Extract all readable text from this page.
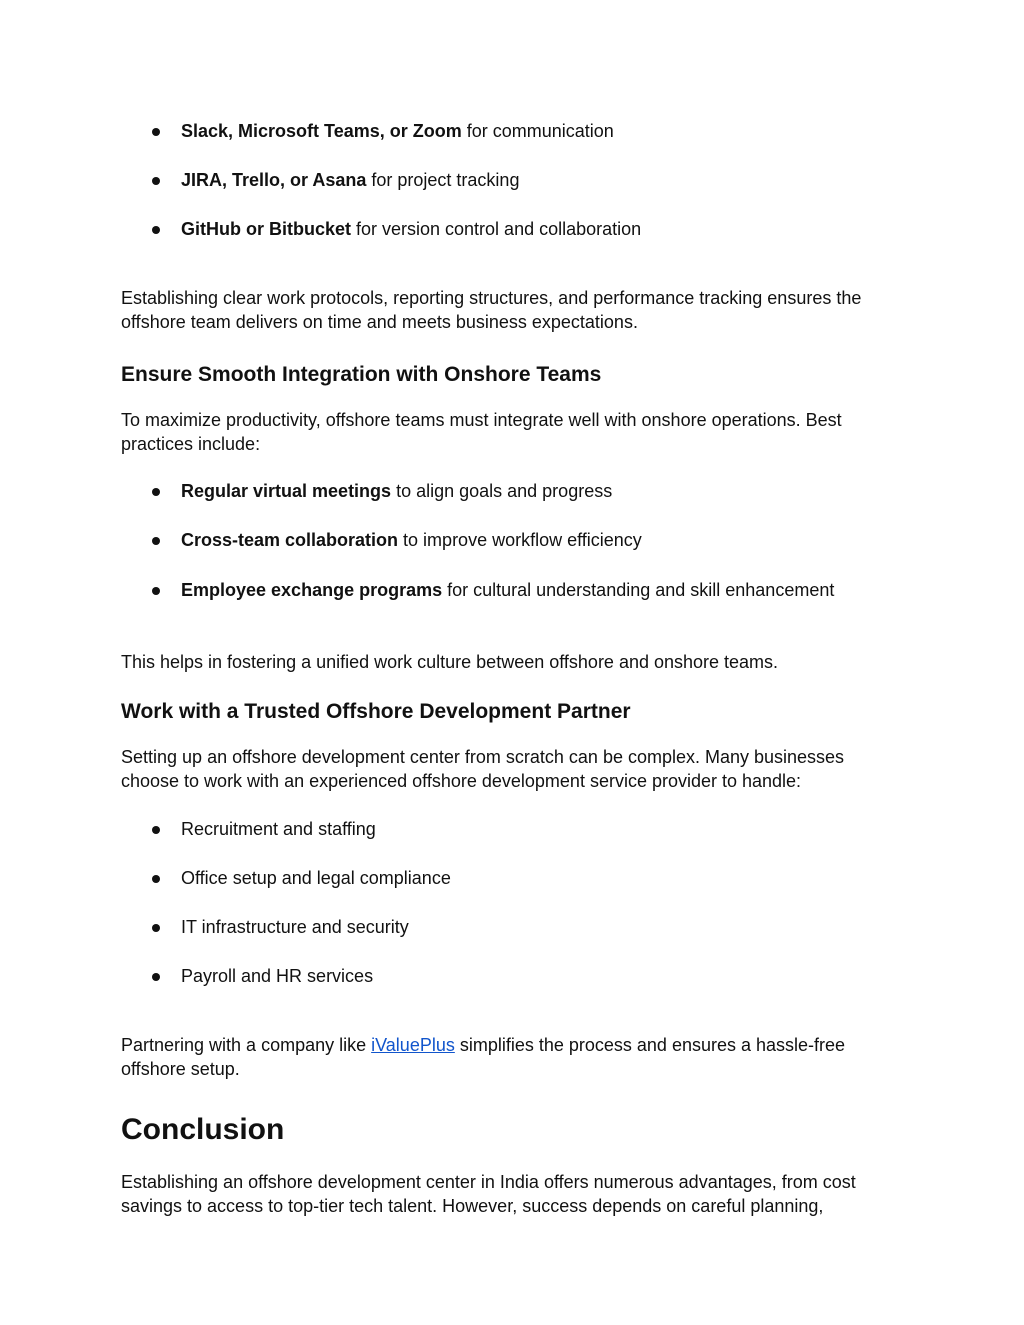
Slack, Microsoft Teams, or Zoom for communication
JIRA, Trello, or Asana for project tracking
GitHub or Bitbucket for version control and collaboration

Establishing clear work protocols, reporting structures, and performance tracking ensures the offshore team delivers on time and meets business expectations.

Ensure Smooth Integration with Onshore Teams

To maximize productivity, offshore teams must integrate well with onshore operations. Best practices include:

Regular virtual meetings to align goals and progress
Cross-team collaboration to improve workflow efficiency
Employee exchange programs for cultural understanding and skill enhancement

This helps in fostering a unified work culture between offshore and onshore teams.

Work with a Trusted Offshore Development Partner

Setting up an offshore development center from scratch can be complex. Many businesses choose to work with an experienced offshore development service provider to handle:

Recruitment and staffing
Office setup and legal compliance
IT infrastructure and security
Payroll and HR services

Partnering with a company like iValuePlus simplifies the process and ensures a hassle-free offshore setup.

Conclusion

Establishing an offshore development center in India offers numerous advantages, from cost savings to access to top-tier tech talent. However, success depends on careful planning,
